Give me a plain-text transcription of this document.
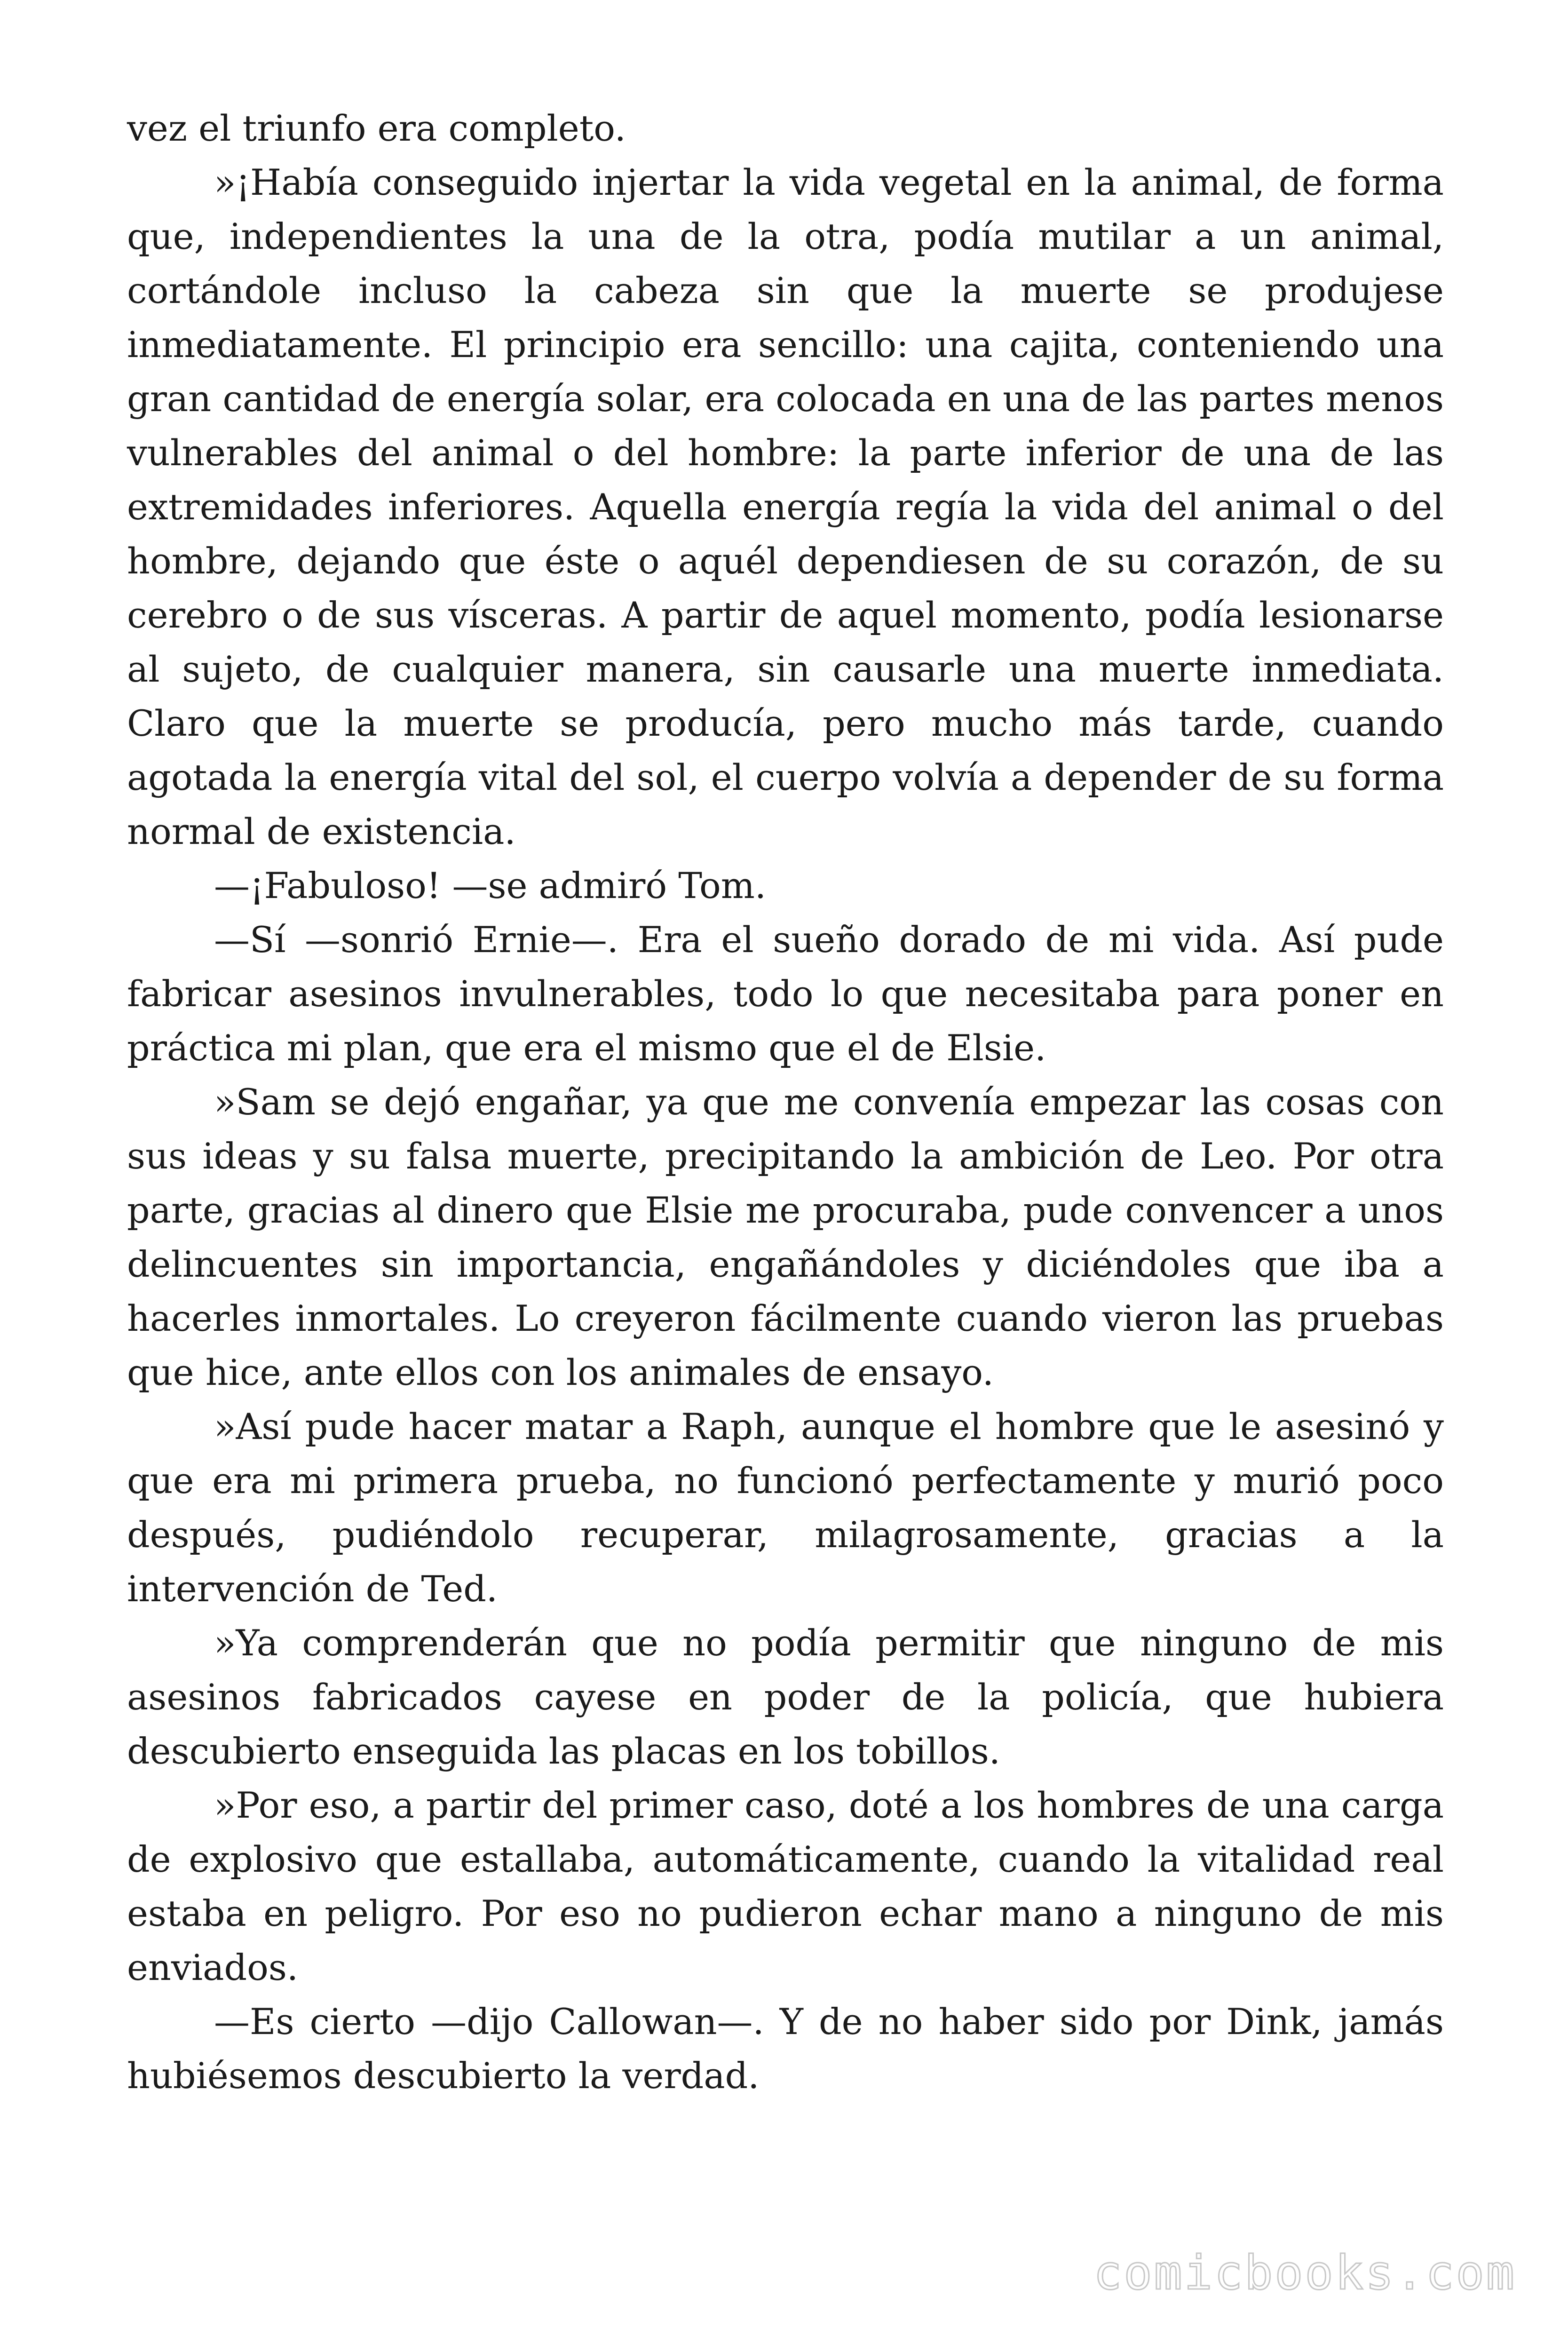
vez el triunfo era completo.

»¡Había conseguido injertar la vida vegetal en la animal, de forma que, independientes la una de la otra, podía mutilar a un animal, cortándole incluso la cabeza sin que la muerte se produjese inmediatamente. El principio era sencillo: una cajita, conteniendo una gran cantidad de energía solar, era colocada en una de las partes menos vulnerables del animal o del hombre: la parte inferior de una de las extremidades inferiores. Aquella energía regía la vida del animal o del hombre, dejando que éste o aquél dependiesen de su corazón, de su cerebro o de sus vísceras. A partir de aquel momento, podía lesionarse al sujeto, de cualquier manera, sin causarle una muerte inmediata. Claro que la muerte se producía, pero mucho más tarde, cuando agotada la energía vital del sol, el cuerpo volvía a depender de su forma normal de existencia.

—¡Fabuloso! —se admiró Tom.

—Sí —sonrió Ernie—. Era el sueño dorado de mi vida. Así pude fabricar asesinos invulnerables, todo lo que necesitaba para poner en práctica mi plan, que era el mismo que el de Elsie.

»Sam se dejó engañar, ya que me convenía empezar las cosas con sus ideas y su falsa muerte, precipitando la ambición de Leo. Por otra parte, gracias al dinero que Elsie me procuraba, pude convencer a unos delincuentes sin importancia, engañándoles y diciéndoles que iba a hacerles inmortales. Lo creyeron fácilmente cuando vieron las pruebas que hice, ante ellos con los animales de ensayo.

»Así pude hacer matar a Raph, aunque el hombre que le asesinó y que era mi primera prueba, no funcionó perfectamente y murió poco después, pudiéndolo recuperar, milagrosamente, gracias a la intervención de Ted.

»Ya comprenderán que no podía permitir que ninguno de mis asesinos fabricados cayese en poder de la policía, que hubiera descubierto enseguida las placas en los tobillos.

»Por eso, a partir del primer caso, doté a los hombres de una carga de explosivo que estallaba, automáticamente, cuando la vitalidad real estaba en peligro. Por eso no pudieron echar mano a ninguno de mis enviados.

—Es cierto —dijo Callowan—. Y de no haber sido por Dink, jamás hubiésemos descubierto la verdad.

comicbooks.com
